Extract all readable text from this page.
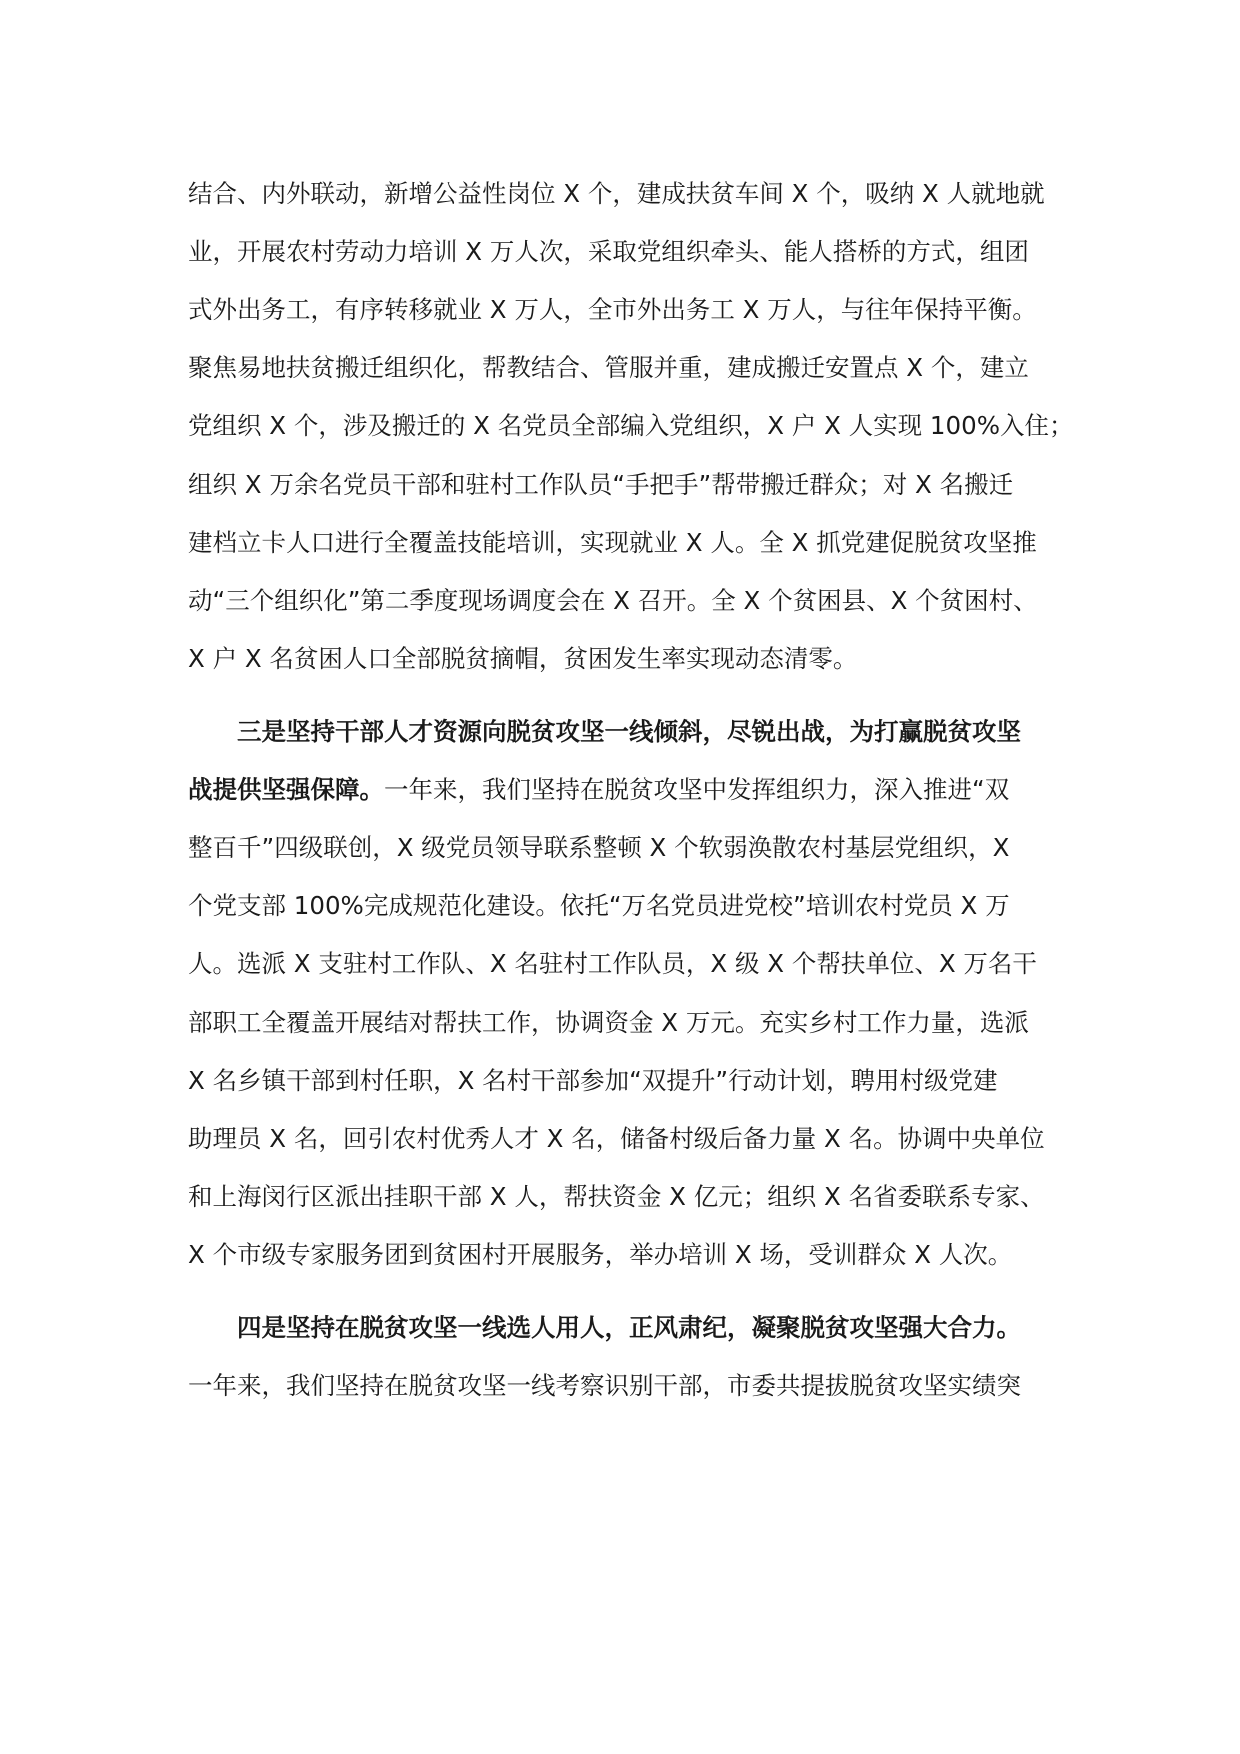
结合、内外联动，新增公益性岗位 X 个，建成扶贫车间 X 个，吸纳 X 人就地就
业，开展农村劳动力培训 X 万人次，采取党组织牵头、能人搭桥的方式，组团
式外出务工，有序转移就业 X 万人，全市外出务工 X 万人，与往年保持平衡。
聚焦易地扶贫搬迁组织化，帮教结合、管服并重，建成搬迁安置点 X 个，建立
党组织 X 个，涉及搬迁的 X 名党员全部编入党组织，X 户 X 人实现 100%入住；
组织 X 万余名党员干部和驻村工作队员“手把手”帮带搬迁群众；对 X 名搬迁
建档立卡人口进行全覆盖技能培训，实现就业 X 人。全 X 抓党建促脱贫攻坚推
动“三个组织化”第二季度现场调度会在 X 召开。全 X 个贫困县、X 个贫困村、
X 户 X 名贫困人口全部脱贫摘帽，贫困发生率实现动态清零。
三是坚持干部人才资源向脱贫攻坚一线倾斜，尽锐出战，为打赢脱贫攻坚
战提供坚强保障。一年来，我们坚持在脱贫攻坚中发挥组织力，深入推进“双
整百千”四级联创，X 级党员领导联系整顿 X 个软弱涣散农村基层党组织，X
个党支部 100%完成规范化建设。依托“万名党员进党校”培训农村党员 X 万
人。选派 X 支驻村工作队、X 名驻村工作队员，X 级 X 个帮扶单位、X 万名干
部职工全覆盖开展结对帮扶工作，协调资金 X 万元。充实乡村工作力量，选派
X 名乡镇干部到村任职，X 名村干部参加“双提升”行动计划，聘用村级党建
助理员 X 名，回引农村优秀人才 X 名，储备村级后备力量 X 名。协调中央单位
和上海闵行区派出挂职干部 X 人，帮扶资金 X 亿元；组织 X 名省委联系专家、
X 个市级专家服务团到贫困村开展服务，举办培训 X 场，受训群众 X 人次。
四是坚持在脱贫攻坚一线选人用人，正风肃纪，凝聚脱贫攻坚强大合力。
一年来，我们坚持在脱贫攻坚一线考察识别干部，市委共提拔脱贫攻坚实绩突
